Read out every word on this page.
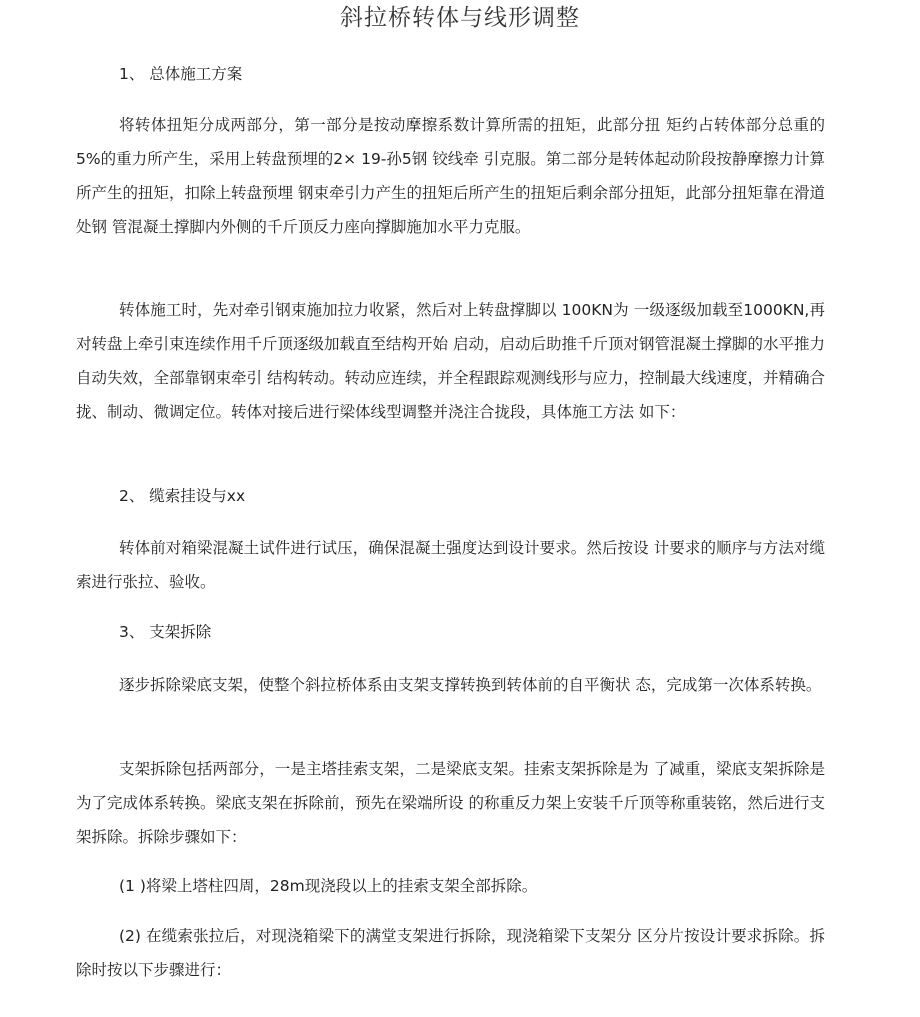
斜拉桥转体与线形调整
1、 总体施工方案

将转体扭矩分成两部分，第一部分是按动摩擦系数计算所需的扭矩，此部分扭 矩约占转体部分总重的5%的重力所产生，采用上转盘预埋的2× 19-孙5钢 铰线牵 引克服。第二部分是转体起动阶段按静摩擦力计算所产生的扭矩，扣除上转盘预埋 钢束牵引力产生的扭矩后所产生的扭矩后剩余部分扭矩，此部分扭矩靠在滑道处钢 管混凝土撑脚内外侧的千斤顶反力座向撑脚施加水平力克服。

转体施工时，先对牵引钢束施加拉力收紧，然后对上转盘撑脚以 100KN为 一级逐级加载至1000KN,再对转盘上牵引束连续作用千斤顶逐级加载直至结构开始 启动，启动后助推千斤顶对钢管混凝土撑脚的水平推力自动失效，全部靠钢束牵引 结构转动。转动应连续，并全程跟踪观测线形与应力，控制最大线速度，并精确合 拢、制动、微调定位。转体对接后进行梁体线型调整并浇注合拢段，具体施工方法 如下：

2、 缆索挂设与xx

转体前对箱梁混凝土试件进行试压，确保混凝土强度达到设计要求。然后按设 计要求的顺序与方法对缆索进行张拉、验收。

3、 支架拆除

逐步拆除梁底支架，使整个斜拉桥体系由支架支撑转换到转体前的自平衡状 态，完成第一次体系转换。

支架拆除包括两部分，一是主塔挂索支架，二是梁底支架。挂索支架拆除是为 了减重，梁底支架拆除是为了完成体系转换。梁底支架在拆除前，预先在梁端所设 的称重反力架上安装千斤顶等称重装铭，然后进行支架拆除。拆除步骤如下：

(1 )将梁上塔柱四周，28m现浇段以上的挂索支架全部拆除。

(2) 在缆索张拉后，对现浇箱梁下的满堂支架进行拆除，现浇箱梁下支架分 区分片按设计要求拆除。拆除时按以下步骤进行：
